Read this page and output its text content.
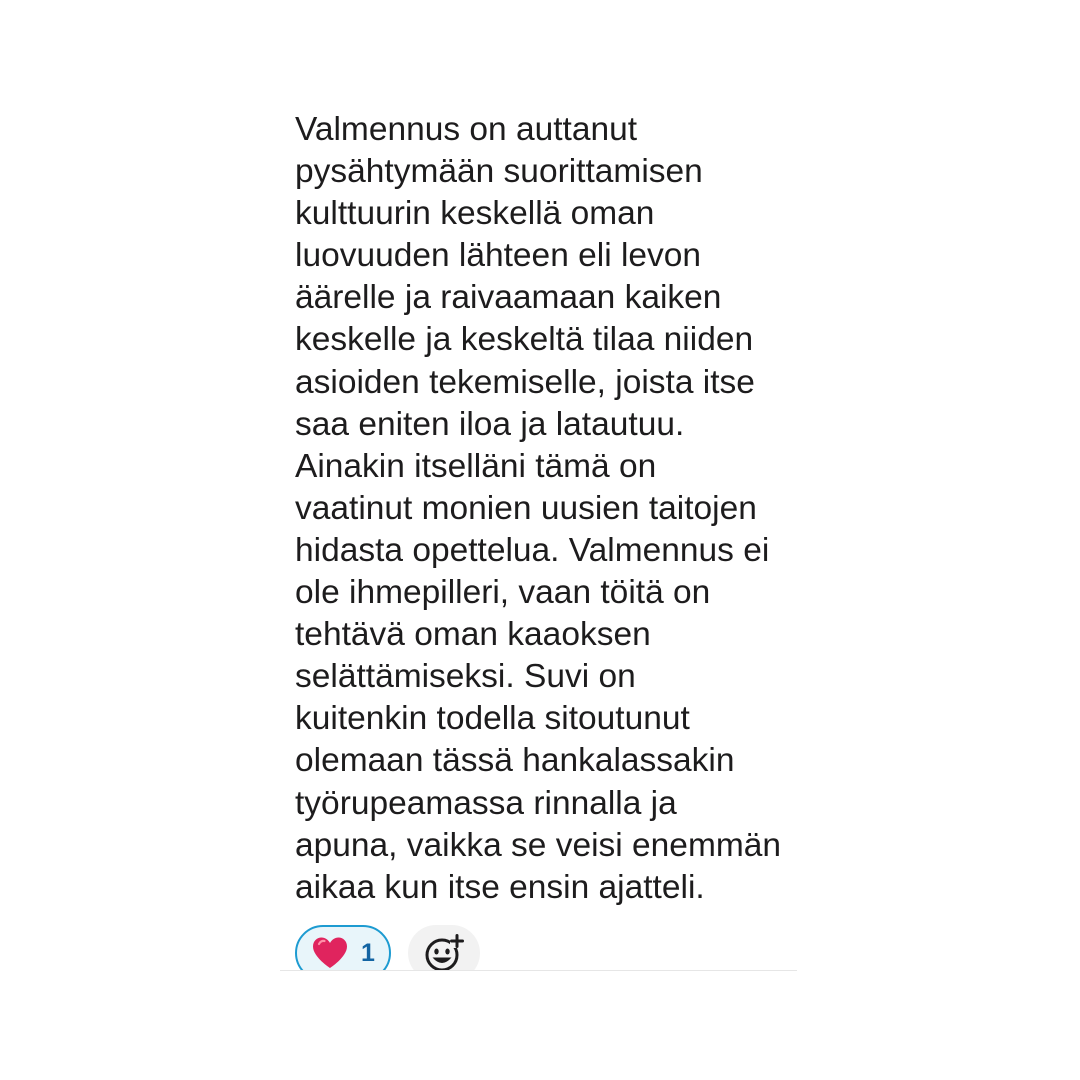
Valmennus on auttanut
pysähtymään suorittamisen
kulttuurin keskellä oman
luovuuden lähteen eli levon
äärelle ja raivaamaan kaiken
keskelle ja keskeltä tilaa niiden
asioiden tekemiselle, joista itse
saa eniten iloa ja latautuu.
Ainakin itselläni tämä on
vaatinut monien uusien taitojen
hidasta opettelua. Valmennus ei
ole ihmepilleri, vaan töitä on
tehtävä oman kaaoksen
selättämiseksi. Suvi on
kuitenkin todella sitoutunut
olemaan tässä hankalassakin
työrupeamassa rinnalla ja
apuna, vaikka se veisi enemmän
aikaa kun itse ensin ajatteli.
1
